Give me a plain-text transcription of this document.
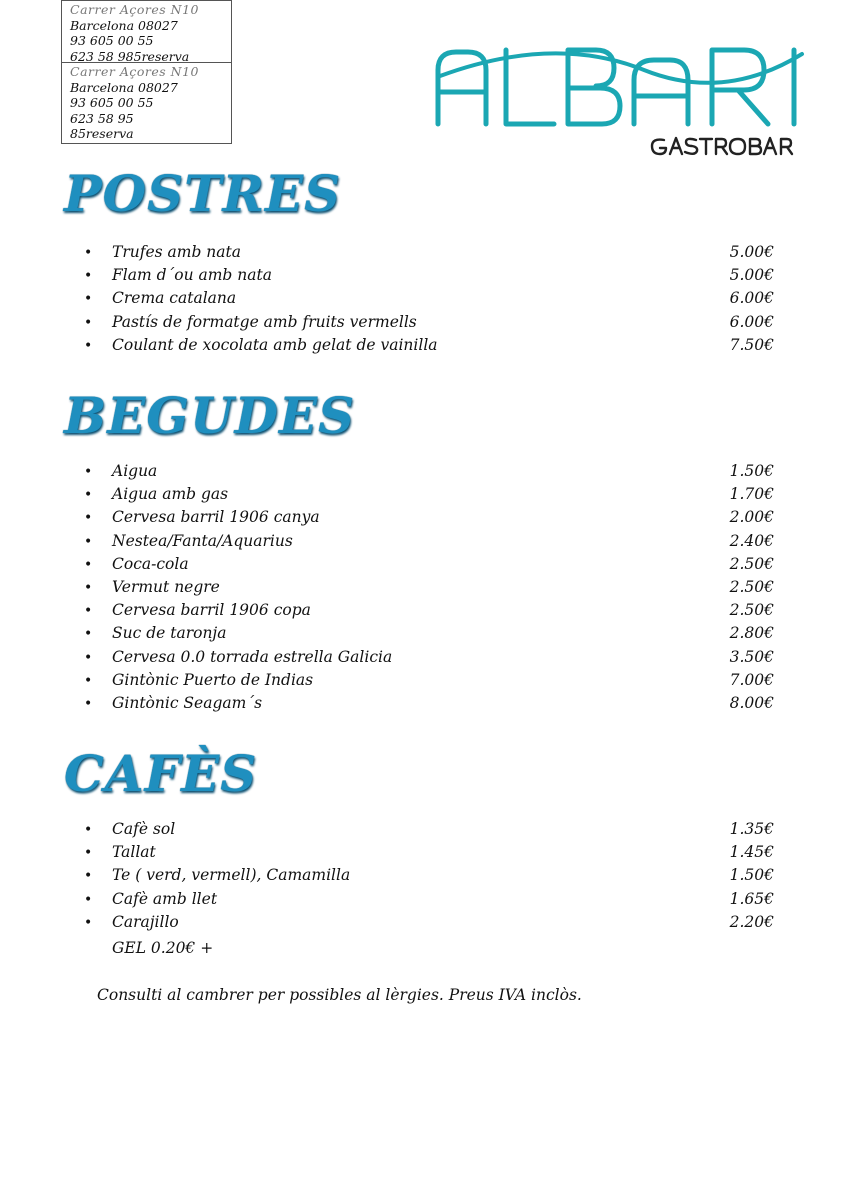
Carrer Açores N10
Barcelona 08027
93 605 00 55
623 58 985reserva
Carrer Açores N10
Barcelona 08027
93 605 00 55
623 58 95
85reserva
POSTRES
•	Trufes amb nata	5.00€
•	Flam d´ou amb nata	5.00€
•	Crema catalana	6.00€
•	Pastís de formatge amb fruits vermells	6.00€
•	Coulant de xocolata amb gelat de vainilla	7.50€
BEGUDES
•	Aigua	1.50€
•	Aigua amb gas	1.70€
•	Cervesa barril 1906 canya	2.00€
•	Nestea/Fanta/Aquarius	2.40€
•	Coca-cola	2.50€
•	Vermut negre	2.50€
•	Cervesa barril 1906 copa	2.50€
•	Suc de taronja	2.80€
•	Cervesa 0.0 torrada estrella Galicia	3.50€
•	Gintònic Puerto de Indias	7.00€
•	Gintònic Seagam´s	8.00€
CAFÈS
•	Cafè sol	1.35€
•	Tallat	1.45€
•	Te ( verd, vermell), Camamilla	1.50€
•	Cafè amb llet	1.65€
•	Carajillo	2.20€

GEL 0.20€ +

Consulti al cambrer per possibles al lèrgies. Preus IVA inclòs.
